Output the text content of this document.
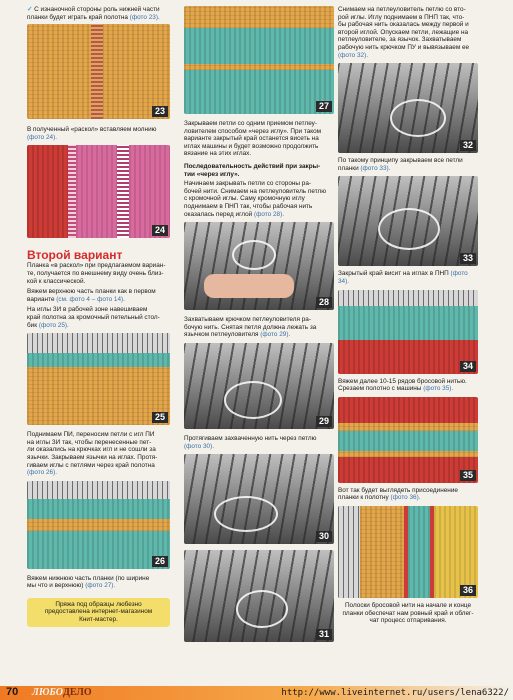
✓ С изнаночной стороны роль нижней части
планки будет играть край полотна (фото 23).

23

В полученный «раскол» вставляем молнию (фото 24).

24
Второй вариант

Планка «в раскол» при предлагаемом вариан-
те, получается по внешнему виду очень близ-
кой к классической.

Вяжем верхнюю часть планки как в первом
варианте (см. фото 4 – фото 14).

На иглы ЗИ в рабочей зоне навешиваем
край полотна за кромочный петельный стол-
бик (фото 25).

25

Поднимаем ПИ, переносим петли с игл ПИ
на иглы ЗИ так, чтобы перенесенные пет-
ли оказались на крючках игл и не сошли за
язычки. Закрываем язычки на иглах. Протя-
гиваем иглы с петлями через край полотна (фото 26).

26

Вяжем нижнюю часть планки (по ширине
мы что и верхнюю) (фото 27).

Пряжа под образцы любезно
предоставлена интернет-магазином
Книт-мастер.

27

Закрываем петли со одним приемом петлеу-
ловителем способом «через иглу». При таком
варианте закрытый край останется висеть на
иглах машины и будет возможно продолжить
вязание на этих иглах.

Последовательность действий при закры-
тии «через иглу».

Начинаем закрывать петли со стороны ра-
бочей нити. Снимаем на петлеуловитель петлю
с кромочной иглы. Саму кромочную иглу
поднимаем в ПНП так, чтобы рабочая нить
оказалась перед иглой (фото 28).

28

Захватываем крючком петлеуловителя ра-
бочую нить. Снятая петля должна лежать за
язычком петлеуловителя (фото 29).

29

Протягиваем захваченную нить через петлю (фото 30).

30
31

Снимаем на петлеуловитель петлю со вто-
рой иглы. Иглу поднимаем в ПНП так, что-
бы рабочая нить оказалась между первой и
второй иглой. Опускаем петли, лежащие на
петлеуловителе, за язычок. Захватываем
рабочую нить крючком ПУ и вывязываем ее (фото 32).

32

По такому принципу закрываем все петли
планки (фото 33).

33

Закрытый край висит на иглах в ПНП (фото 34).

34

Вяжем далее 10-15 рядов бросовой нитью.
Срезаем полотно с машины (фото 35).

35

Вот так будет выглядеть присоединение
планки к полотну (фото 36).

36

Полоски бросовой нити на начале и конце
планки обеспечат нам ровный край и облег-
чат процесс отпаривания.

70 ЛЮБОДЕЛО	http://www.liveinternet.ru/users/lena6322/
